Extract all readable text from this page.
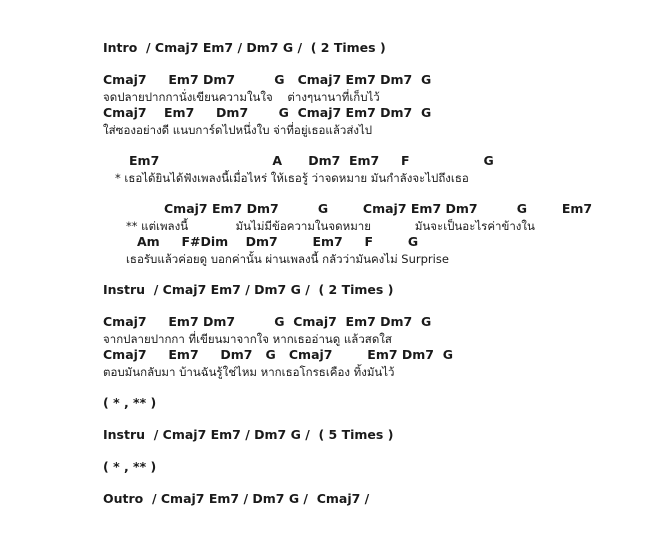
Intro  / Cmaj7 Em7 / Dm7 G /  ( 2 Times )
Cmaj7     Em7 Dm7         G   Cmaj7 Em7 Dm7  G
จดปลายปากกานั่งเขียนความในใจ    ต่างๆนานาที่เก็บไว้
Cmaj7    Em7     Dm7       G  Cmaj7 Em7 Dm7  G
ใส่ซองอย่างดี แนบการ์ดไปหนึ่งใบ จ่าที่อยู่เธอแล้วส่งไป
Em7                          A      Dm7  Em7     F                 G
* เธอได้ยินได้ฟังเพลงนี้เมื่อไหร่ ให้เธอรู้ ว่าจดหมาย มันกำลังจะไปถึงเธอ
Cmaj7 Em7 Dm7         G        Cmaj7 Em7 Dm7         G        Em7
** แต่เพลงนี้             มันไม่มีข้อความในจดหมาย            มันจะเป็นอะไรค่าข้างใน
Am     F#Dim    Dm7        Em7     F        G
เธอรับแล้วค่อยดู บอกค่านั้น ผ่านเพลงนี้ กลัวว่ามันคงไม่ Surprise
Instru  / Cmaj7 Em7 / Dm7 G /  ( 2 Times )
Cmaj7     Em7 Dm7         G  Cmaj7  Em7 Dm7  G
จากปลายปากกา ที่เขียนมาจากใจ หากเธออ่านดู แล้วสดใส
Cmaj7     Em7     Dm7   G   Cmaj7        Em7 Dm7  G
ตอบมันกลับมา บ้านฉันรู้ใช่ไหม หากเธอโกรธเคือง ทิ้งมันไว้
( * , ** )
Instru  / Cmaj7 Em7 / Dm7 G /  ( 5 Times )
( * , ** )
Outro  / Cmaj7 Em7 / Dm7 G /  Cmaj7 /
